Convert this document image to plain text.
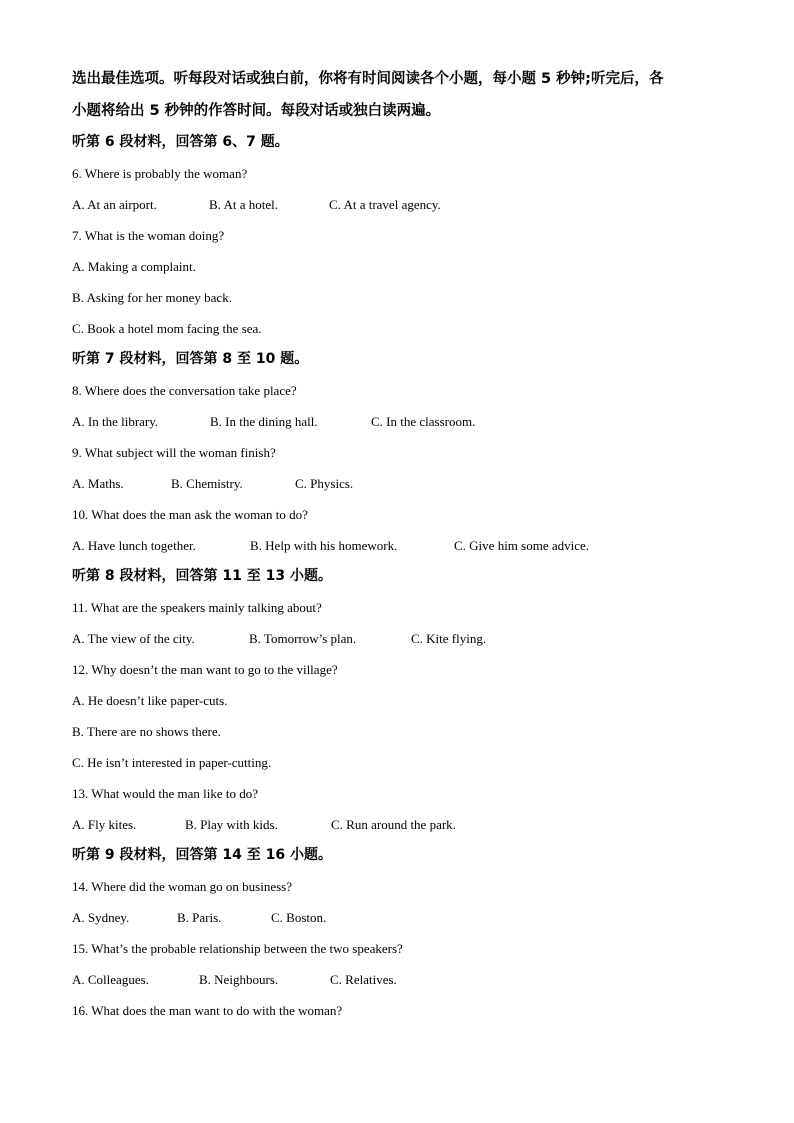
选出最佳选项。听每段对话或独白前，你将有时间阅读各个小题，每小题 5 秒钟;听完后，各
小题将给出 5 秒钟的作答时间。每段对话或独白读两遍。
听第 6 段材料，回答第 6、7 题。
6. Where is probably the woman?
A. At an airport.	B. At a hotel.	C. At a travel agency.
7. What is the woman doing?
A. Making a complaint.
B. Asking for her money back.
C. Book a hotel mom facing the sea.
听第 7 段材料，回答第 8 至 10 题。
8. Where does the conversation take place?
A. In the library.	B. In the dining hall.	C. In the classroom.
9. What subject will the woman finish?
A. Maths.	B. Chemistry.	C. Physics.
10. What does the man ask the woman to do?
A. Have lunch together.	B. Help with his homework.	C. Give him some advice.
听第 8 段材料，回答第 11 至 13 小题。
11. What are the speakers mainly talking about?
A. The view of the city.	B. Tomorrow’s plan.	C. Kite flying.
12. Why doesn’t the man want to go to the village?
A. He doesn’t like paper-cuts.
B. There are no shows there.
C. He isn’t interested in paper-cutting.
13. What would the man like to do?
A. Fly kites.	B. Play with kids.	C. Run around the park.
听第 9 段材料，回答第 14 至 16 小题。
14. Where did the woman go on business?
A. Sydney.	B. Paris.	C. Boston.
15. What’s the probable relationship between the two speakers?
A. Colleagues.	B. Neighbours.	C. Relatives.
16. What does the man want to do with the woman?
